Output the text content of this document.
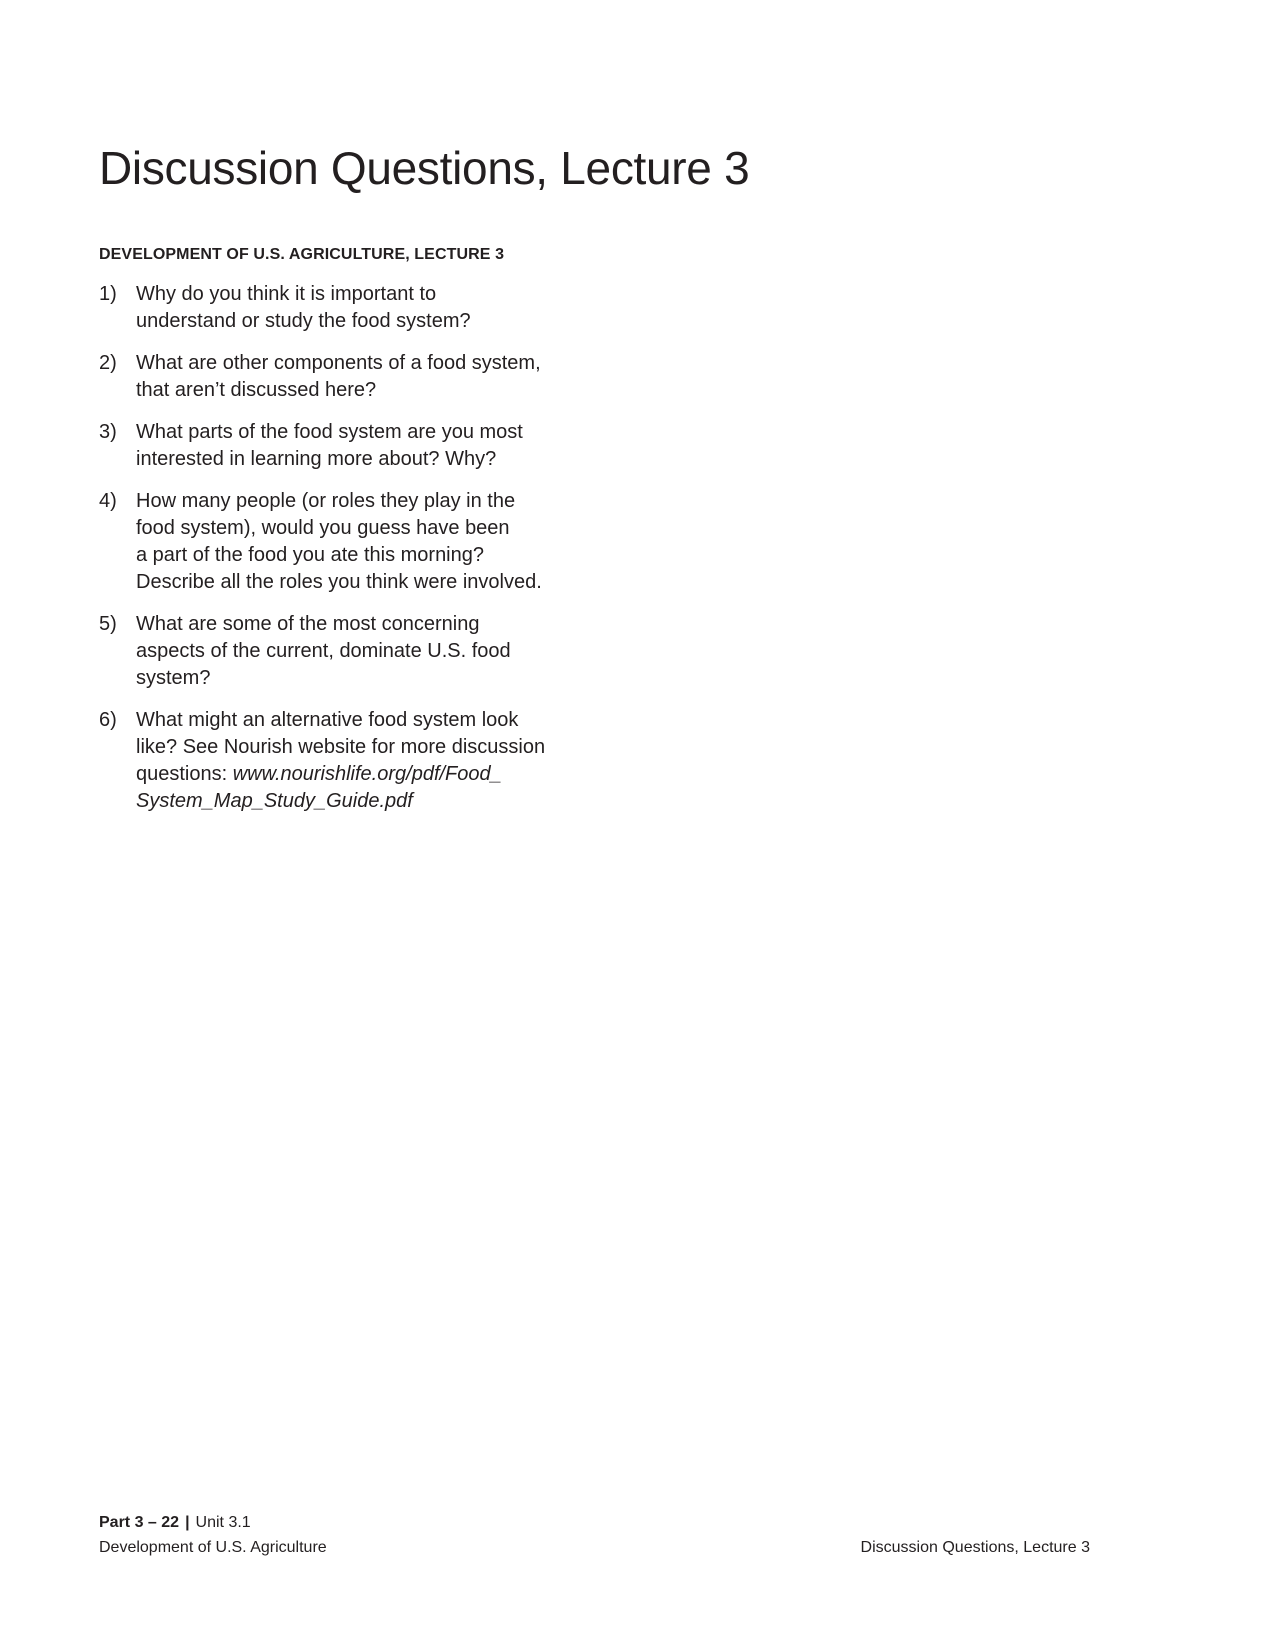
Discussion Questions, Lecture 3
DEVELOPMENT OF U.S. AGRICULTURE, LECTURE 3
1) Why do you think it is important to
understand or study the food system?
2) What are other components of a food system,
that aren’t discussed here?
3) What parts of the food system are you most
interested in learning more about? Why?
4) How many people (or roles they play in the
food system), would you guess have been
a part of the food you ate this morning?
Describe all the roles you think were involved.
5) What are some of the most concerning
aspects of the current, dominate U.S. food
system?
6) What might an alternative food system look
like? See Nourish website for more discussion
questions: www.nourishlife.org/pdf/Food_
System_Map_Study_Guide.pdf
Part 3 – 22 | Unit 3.1
Development of U.S. Agriculture	Discussion Questions, Lecture 3
